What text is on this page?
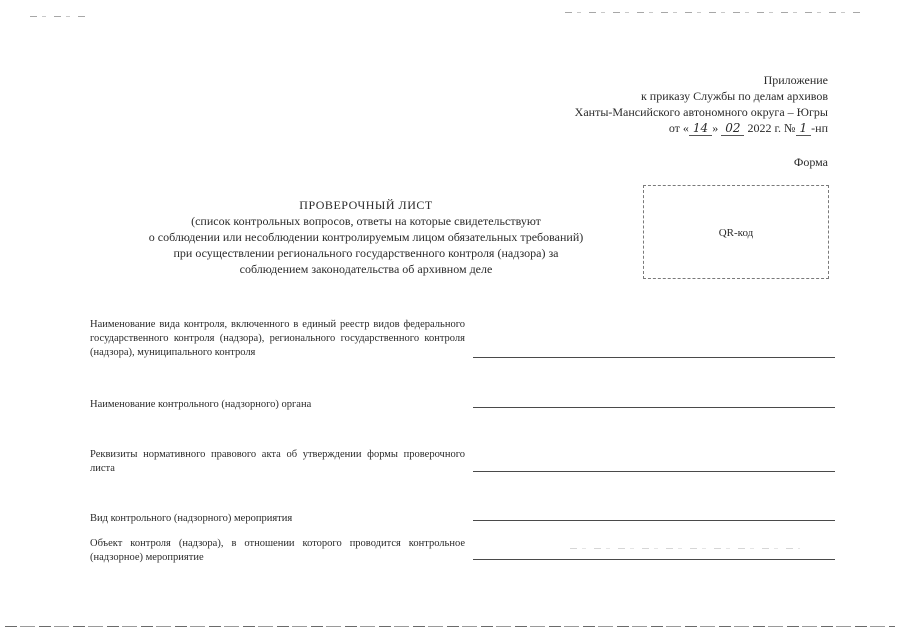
Приложение
к приказу Службы по делам архивов
Ханты-Мансийского автономного округа – Югры
от « 14 » 02 2022 г. № 1 -нп
Форма
ПРОВЕРОЧНЫЙ ЛИСТ
(список контрольных вопросов, ответы на которые свидетельствуют
о соблюдении или несоблюдении контролируемым лицом обязательных требований)
при осуществлении регионального государственного контроля (надзора) за
соблюдением законодательства об архивном деле
QR-код
Наименование вида контроля, включенного в единый реестр видов федерального государственного контроля (надзора), регионального государственного контроля (надзора), муниципального контроля
Наименование контрольного (надзорного) органа
Реквизиты нормативного правового акта об утверждении формы проверочного листа
Вид контрольного (надзорного) мероприятия
Объект контроля (надзора), в отношении которого проводится контрольное (надзорное) мероприятие
